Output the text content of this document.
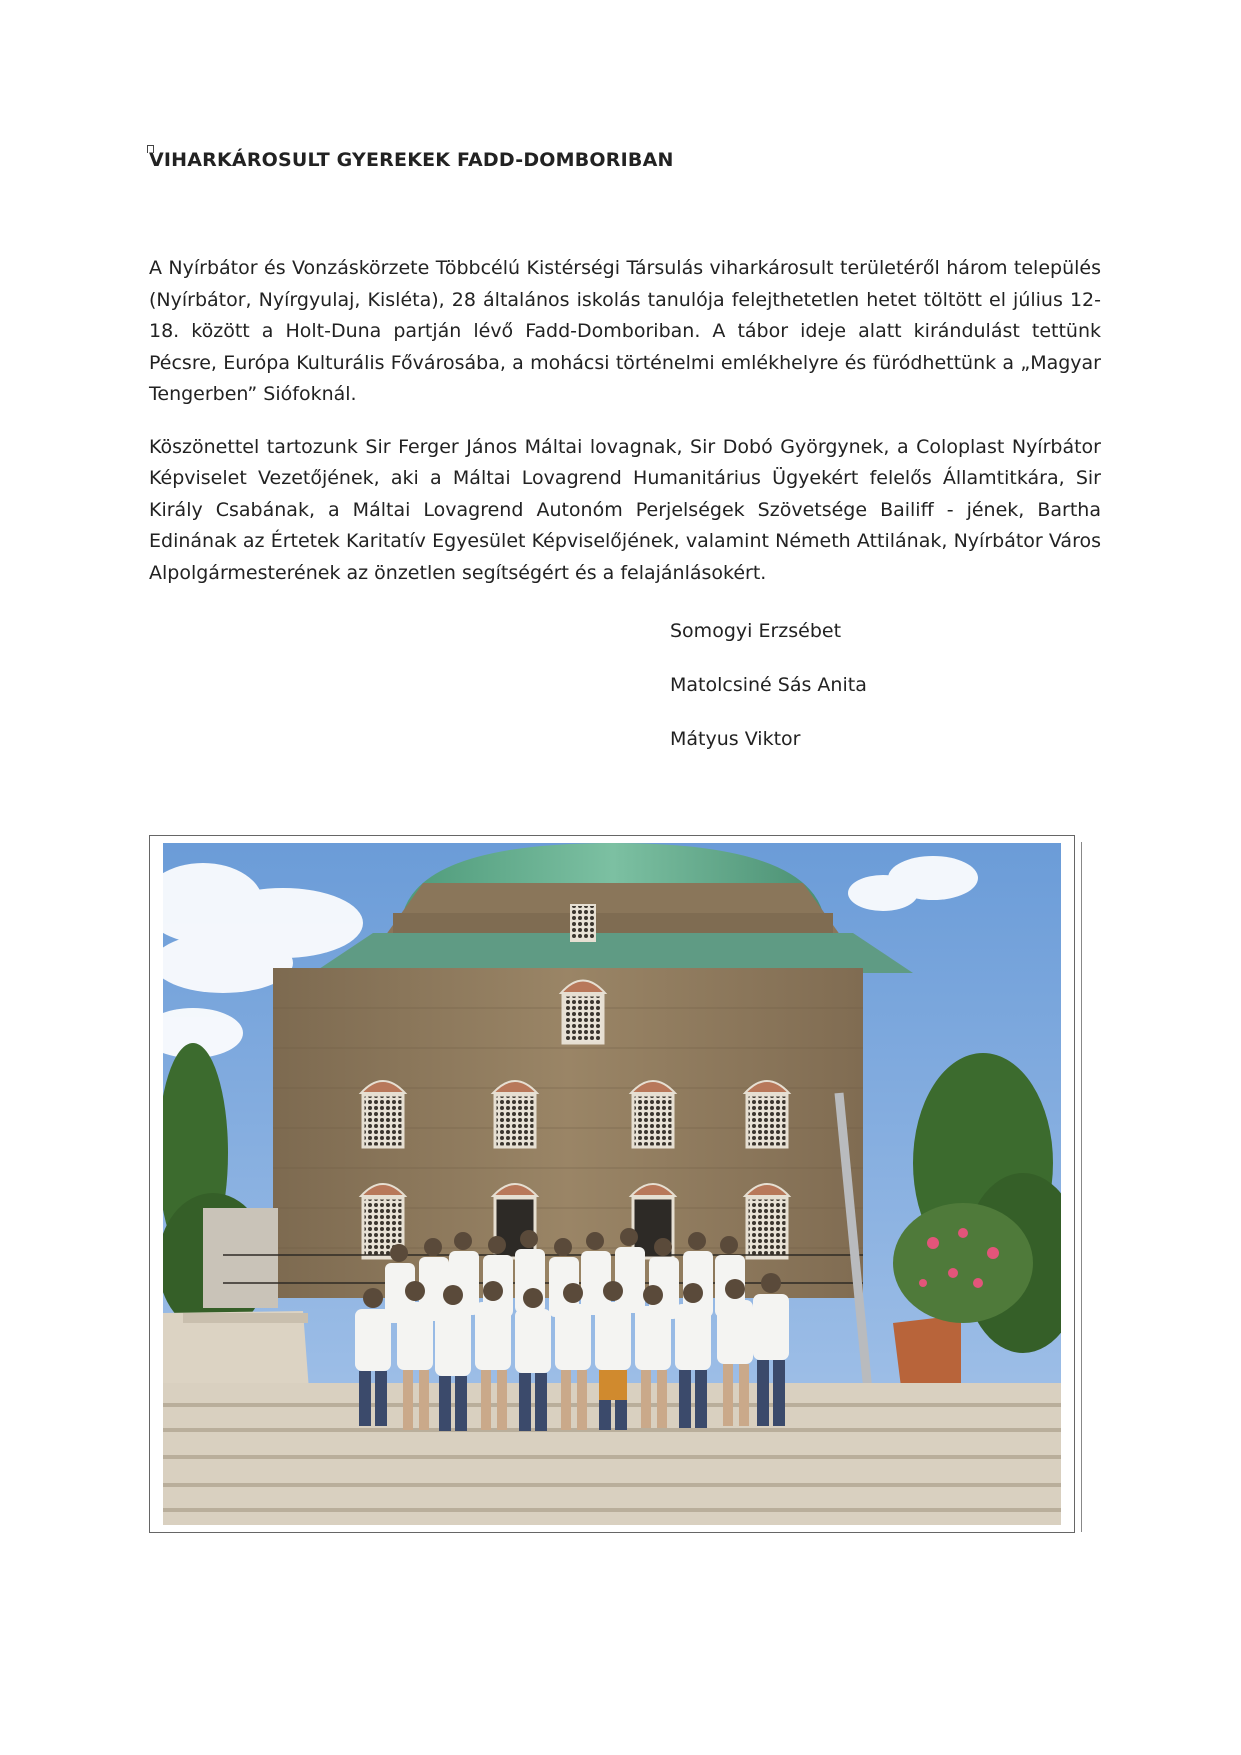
VIHARKÁROSULT GYEREKEK FADD-DOMBORIBAN

A Nyírbátor és Vonzáskörzete Többcélú Kistérségi Társulás viharkárosult területéről három település (Nyírbátor, Nyírgyulaj, Kisléta), 28 általános iskolás tanulója felejthetetlen hetet töltött el július 12-18. között a Holt-Duna partján lévő Fadd-Domboriban. A tábor ideje alatt kirándulást tettünk Pécsre, Európa Kulturális Fővárosába, a mohácsi történelmi emlékhelyre és füródhettünk a „Magyar Tengerben” Siófoknál.

Köszönettel tartozunk Sir Ferger János Máltai lovagnak, Sir Dobó Györgynek, a Coloplast Nyírbátor Képviselet Vezetőjének, aki a Máltai Lovagrend Humanitárius Ügyekért felelős Államtitkára, Sir Király Csabának, a Máltai Lovagrend Autonóm Perjelségek Szövetsége Bailiff - jének, Bartha Edinának az Értetek Karitatív Egyesület Képviselőjének, valamint Németh Attilának, Nyírbátor Város Alpolgármesterének az önzetlen segítségért és a felajánlásokért.

Somogyi Erzsébet
Matolcsiné Sás Anita
Mátyus Viktor
